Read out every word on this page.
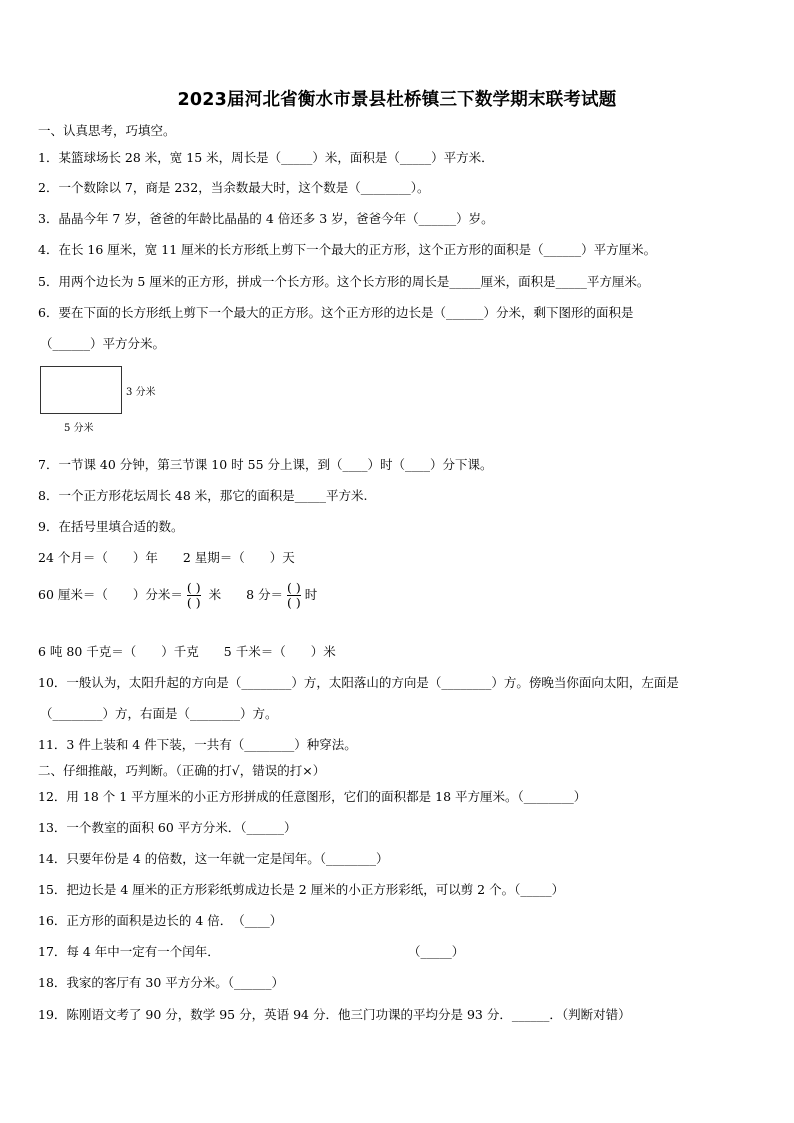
2023届河北省衡水市景县杜桥镇三下数学期末联考试题
一、认真思考，巧填空。
1．某篮球场长 28 米，宽 15 米，周长是（_____）米，面积是（_____）平方米．
2．一个数除以 7，商是 232，当余数最大时，这个数是（________）。
3．晶晶今年 7 岁，爸爸的年龄比晶晶的 4 倍还多 3 岁，爸爸今年（______）岁。
4．在长 16 厘米，宽 11 厘米的长方形纸上剪下一个最大的正方形，这个正方形的面积是（______）平方厘米。
5．用两个边长为 5 厘米的正方形，拼成一个长方形。这个长方形的周长是_____厘米，面积是_____平方厘米。
6．要在下面的长方形纸上剪下一个最大的正方形。这个正方形的边长是（______）分米，剩下图形的面积是
（______）平方分米。
3 分米
5 分米
7．一节课 40 分钟，第三节课 10 时 55 分上课，到（____）时（____）分下课。
8．一个正方形花坛周长 48 米，那它的面积是_____平方米.
9．在括号里填合适的数。
24 个月＝（　　）年　　2 星期＝（　　）天
60 厘米＝（　　）分米＝ $\frac{( )}{( )}$ 米　　8 分＝ $\frac{( )}{( )}$ 时
6 吨 80 千克＝（　　）千克　　5 千米＝（　　）米
10．一般认为，太阳升起的方向是（________）方，太阳落山的方向是（________）方。傍晚当你面向太阳，左面是
（________）方，右面是（________）方。
11．3 件上装和 4 件下装，一共有（________）种穿法。
二、仔细推敲，巧判断。（正确的打√，错误的打×）
12．用 18 个 1 平方厘米的小正方形拼成的任意图形，它们的面积都是 18 平方厘米。（________）
13．一个教室的面积 60 平方分米．（______）
14．只要年份是 4 的倍数，这一年就一定是闰年。（________）
15．把边长是 4 厘米的正方形彩纸剪成边长是 2 厘米的小正方形彩纸，可以剪 2 个。（_____）
16．正方形的面积是边长的 4 倍．　（____）
17．每 4 年中一定有一个闰年．	（_____）
18．我家的客厅有 30 平方分米。（______）
19．陈刚语文考了 90 分，数学 95 分，英语 94 分．他三门功课的平均分是 93 分．______．（判断对错）
